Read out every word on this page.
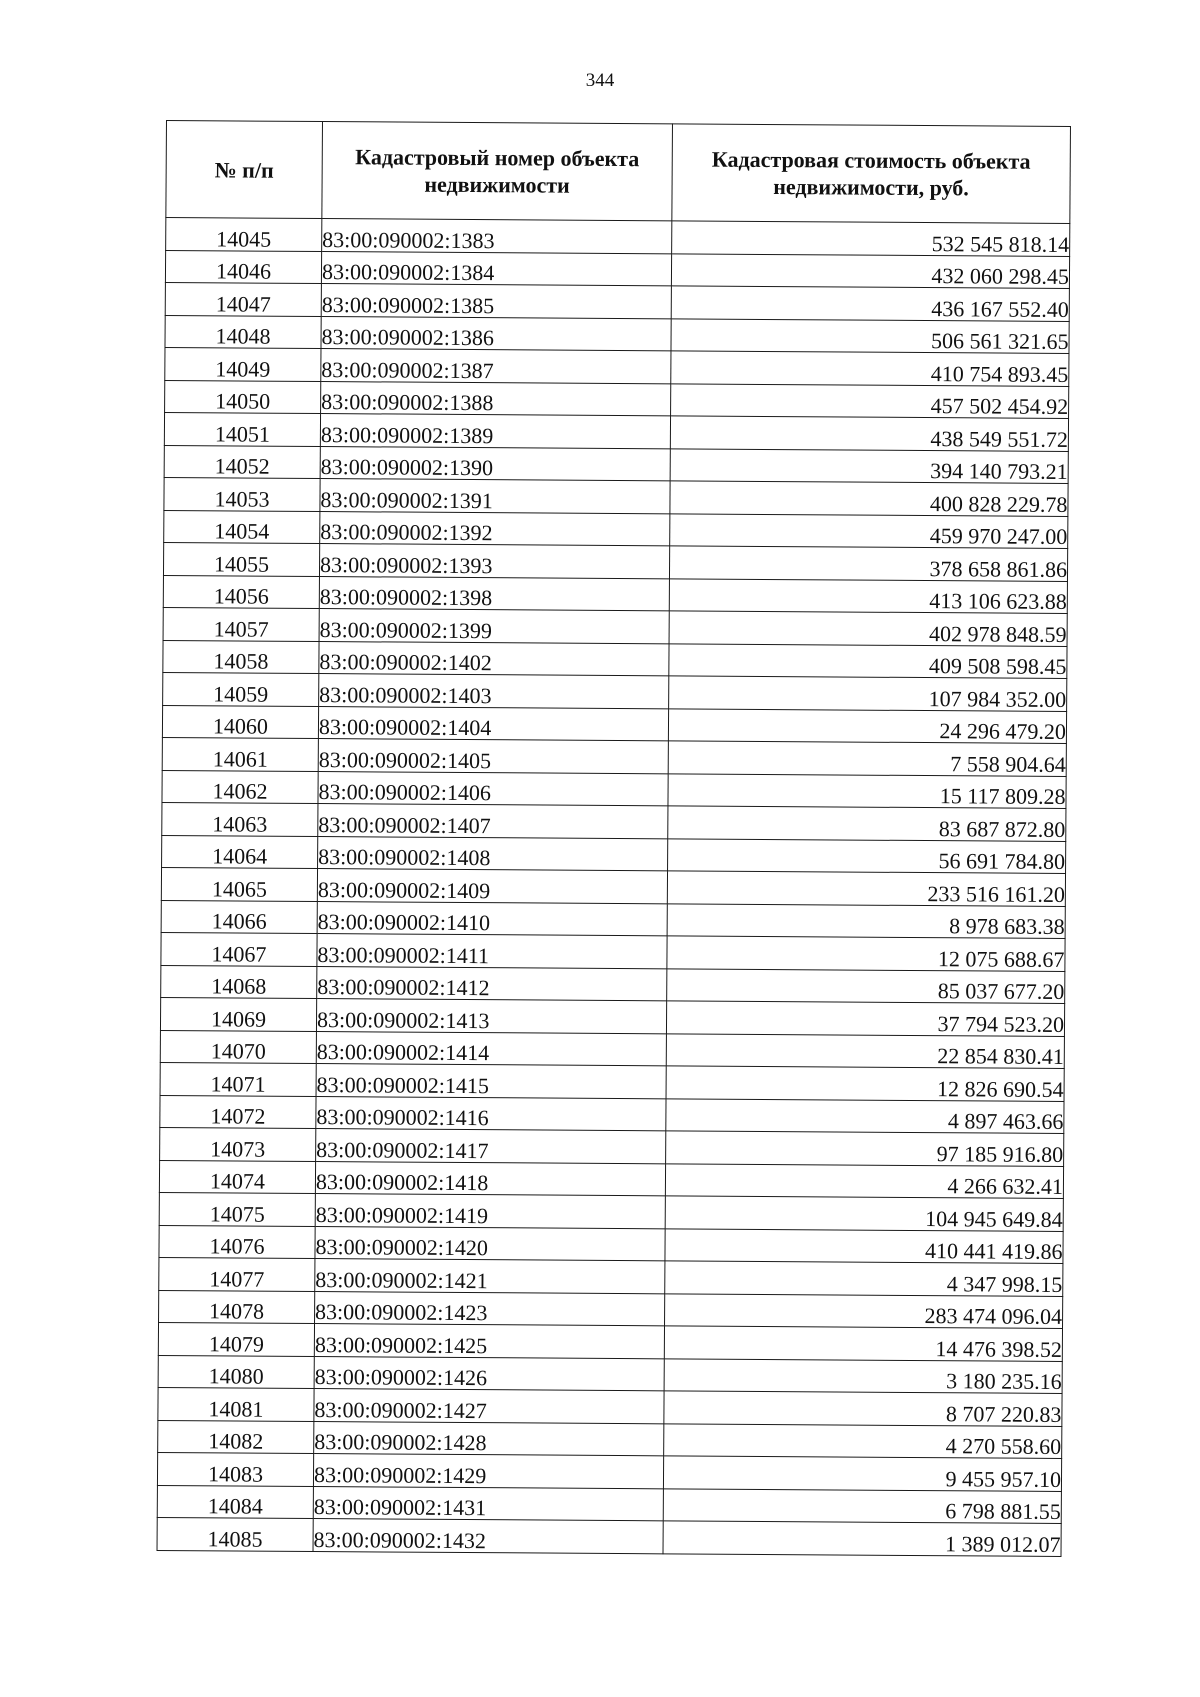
344
№ п/п	Кадастровый номер объекта недвижимости	Кадастровая стоимость объекта недвижимости, руб.
14045	83:00:090002:1383	532 545 818.14
14046	83:00:090002:1384	432 060 298.45
14047	83:00:090002:1385	436 167 552.40
14048	83:00:090002:1386	506 561 321.65
14049	83:00:090002:1387	410 754 893.45
14050	83:00:090002:1388	457 502 454.92
14051	83:00:090002:1389	438 549 551.72
14052	83:00:090002:1390	394 140 793.21
14053	83:00:090002:1391	400 828 229.78
14054	83:00:090002:1392	459 970 247.00
14055	83:00:090002:1393	378 658 861.86
14056	83:00:090002:1398	413 106 623.88
14057	83:00:090002:1399	402 978 848.59
14058	83:00:090002:1402	409 508 598.45
14059	83:00:090002:1403	107 984 352.00
14060	83:00:090002:1404	24 296 479.20
14061	83:00:090002:1405	7 558 904.64
14062	83:00:090002:1406	15 117 809.28
14063	83:00:090002:1407	83 687 872.80
14064	83:00:090002:1408	56 691 784.80
14065	83:00:090002:1409	233 516 161.20
14066	83:00:090002:1410	8 978 683.38
14067	83:00:090002:1411	12 075 688.67
14068	83:00:090002:1412	85 037 677.20
14069	83:00:090002:1413	37 794 523.20
14070	83:00:090002:1414	22 854 830.41
14071	83:00:090002:1415	12 826 690.54
14072	83:00:090002:1416	4 897 463.66
14073	83:00:090002:1417	97 185 916.80
14074	83:00:090002:1418	4 266 632.41
14075	83:00:090002:1419	104 945 649.84
14076	83:00:090002:1420	410 441 419.86
14077	83:00:090002:1421	4 347 998.15
14078	83:00:090002:1423	283 474 096.04
14079	83:00:090002:1425	14 476 398.52
14080	83:00:090002:1426	3 180 235.16
14081	83:00:090002:1427	8 707 220.83
14082	83:00:090002:1428	4 270 558.60
14083	83:00:090002:1429	9 455 957.10
14084	83:00:090002:1431	6 798 881.55
14085	83:00:090002:1432	1 389 012.07
